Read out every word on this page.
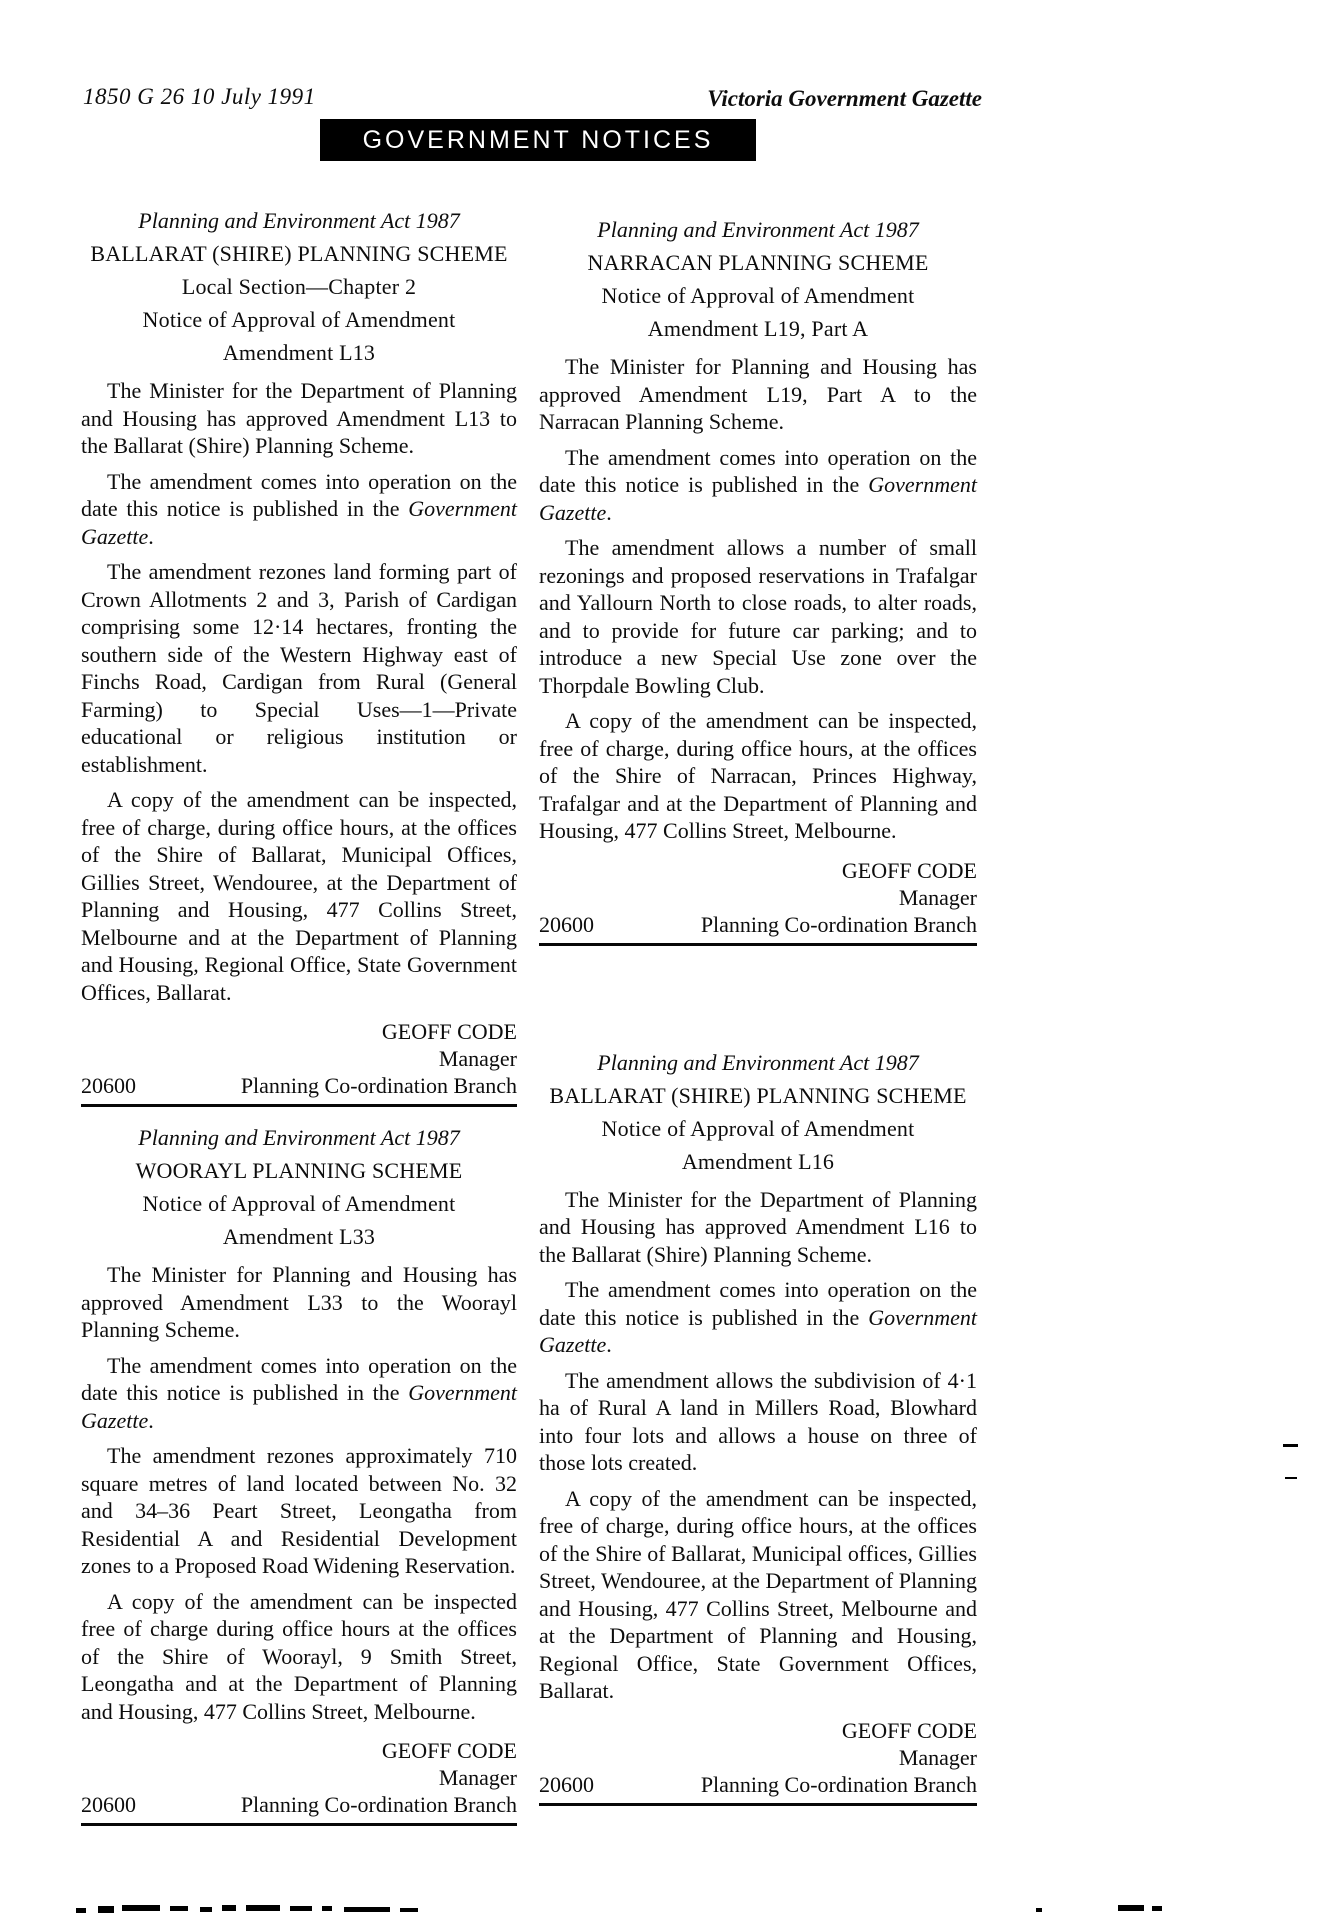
1850 G 26 10 July 1991	Victoria Government Gazette
GOVERNMENT NOTICES
Planning and Environment Act 1987
BALLARAT (SHIRE) PLANNING SCHEME
Local Section—Chapter 2
Notice of Approval of Amendment
Amendment L13

The Minister for the Department of Planning and Housing has approved Amendment L13 to the Ballarat (Shire) Planning Scheme.

The amendment comes into operation on the date this notice is published in the Government Gazette.

The amendment rezones land forming part of Crown Allotments 2 and 3, Parish of Cardigan comprising some 12·14 hectares, fronting the southern side of the Western Highway east of Finchs Road, Cardigan from Rural (General Farming) to Special Uses—1—Private educational or religious institution or establishment.

A copy of the amendment can be inspected, free of charge, during office hours, at the offices of the Shire of Ballarat, Municipal Offices, Gillies Street, Wendouree, at the Department of Planning and Housing, 477 Collins Street, Melbourne and at the Department of Planning and Housing, Regional Office, State Government Offices, Ballarat.

GEOFF CODE
Manager
20600	Planning Co-ordination Branch
Planning and Environment Act 1987
WOORAYL PLANNING SCHEME
Notice of Approval of Amendment
Amendment L33

The Minister for Planning and Housing has approved Amendment L33 to the Woorayl Planning Scheme.

The amendment comes into operation on the date this notice is published in the Government Gazette.

The amendment rezones approximately 710 square metres of land located between No. 32 and 34–36 Peart Street, Leongatha from Residential A and Residential Development zones to a Proposed Road Widening Reservation.

A copy of the amendment can be inspected free of charge during office hours at the offices of the Shire of Woorayl, 9 Smith Street, Leongatha and at the Department of Planning and Housing, 477 Collins Street, Melbourne.

GEOFF CODE
Manager
20600	Planning Co-ordination Branch
Planning and Environment Act 1987
NARRACAN PLANNING SCHEME
Notice of Approval of Amendment
Amendment L19, Part A

The Minister for Planning and Housing has approved Amendment L19, Part A to the Narracan Planning Scheme.

The amendment comes into operation on the date this notice is published in the Government Gazette.

The amendment allows a number of small rezonings and proposed reservations in Trafalgar and Yallourn North to close roads, to alter roads, and to provide for future car parking; and to introduce a new Special Use zone over the Thorpdale Bowling Club.

A copy of the amendment can be inspected, free of charge, during office hours, at the offices of the Shire of Narracan, Princes Highway, Trafalgar and at the Department of Planning and Housing, 477 Collins Street, Melbourne.

GEOFF CODE
Manager
20600	Planning Co-ordination Branch
Planning and Environment Act 1987
BALLARAT (SHIRE) PLANNING SCHEME
Notice of Approval of Amendment
Amendment L16

The Minister for the Department of Planning and Housing has approved Amendment L16 to the Ballarat (Shire) Planning Scheme.

The amendment comes into operation on the date this notice is published in the Government Gazette.

The amendment allows the subdivision of 4·1 ha of Rural A land in Millers Road, Blowhard into four lots and allows a house on three of those lots created.

A copy of the amendment can be inspected, free of charge, during office hours, at the offices of the Shire of Ballarat, Municipal offices, Gillies Street, Wendouree, at the Department of Planning and Housing, 477 Collins Street, Melbourne and at the Department of Planning and Housing, Regional Office, State Government Offices, Ballarat.

GEOFF CODE
Manager
20600	Planning Co-ordination Branch
